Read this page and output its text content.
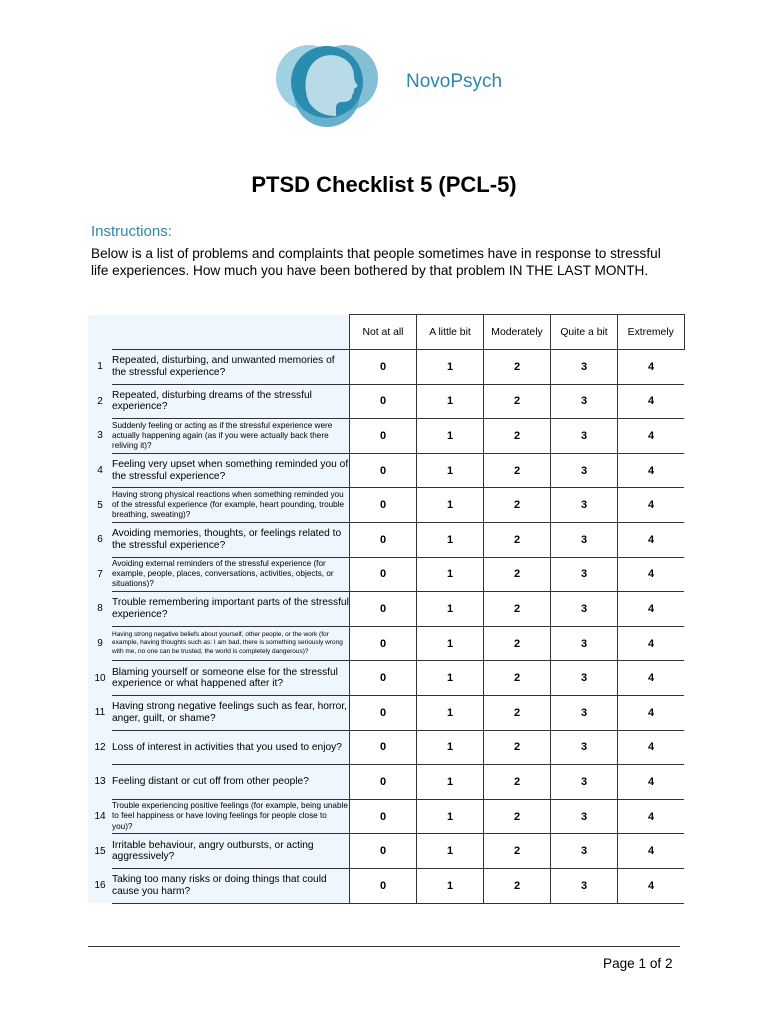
NovoPsych
PTSD Checklist 5 (PCL-5)
Instructions:
Below is a list of problems and complaints that people sometimes have in response to stressful life experiences. How much you have been bothered by that problem IN THE LAST MONTH.
		Not at all	A little bit	Moderately	Quite a bit	Extremely
1	Repeated, disturbing, and unwanted memories of the stressful experience?	0	1	2	3	4
2	Repeated, disturbing dreams of the stressful experience?	0	1	2	3	4
3	Suddenly feeling or acting as if the stressful experience were actually happening again (as if you were actually back there reliving it)?	0	1	2	3	4
4	Feeling very upset when something reminded you of the stressful experience?	0	1	2	3	4
5	Having strong physical reactions when something reminded you of the stressful experience (for example, heart pounding, trouble breathing, sweating)?	0	1	2	3	4
6	Avoiding memories, thoughts, or feelings related to the stressful experience?	0	1	2	3	4
7	Avoiding external reminders of the stressful experience (for example, people, places, conversations, activities, objects, or situations)?	0	1	2	3	4
8	Trouble remembering important parts of the stressful experience?	0	1	2	3	4
9	Having strong negative beliefs about yourself, other people, or the work (for example, having thoughts such as: I am bad, there is something seriously wrong with me, no one can be trusted, the world is completely dangerous)?	0	1	2	3	4
10	Blaming yourself or someone else for the stressful experience or what happened after it?	0	1	2	3	4
11	Having strong negative feelings such as fear, horror, anger, guilt, or shame?	0	1	2	3	4
12	Loss of interest in activities that you used to enjoy?	0	1	2	3	4
13	Feeling distant or cut off from other people?	0	1	2	3	4
14	Trouble experiencing positive feelings (for example, being unable to feel happiness or have loving feelings for people close to you)?	0	1	2	3	4
15	Irritable behaviour, angry outbursts, or acting aggressively?	0	1	2	3	4
16	Taking too many risks or doing things that could cause you harm?	0	1	2	3	4
Page 1 of 2
